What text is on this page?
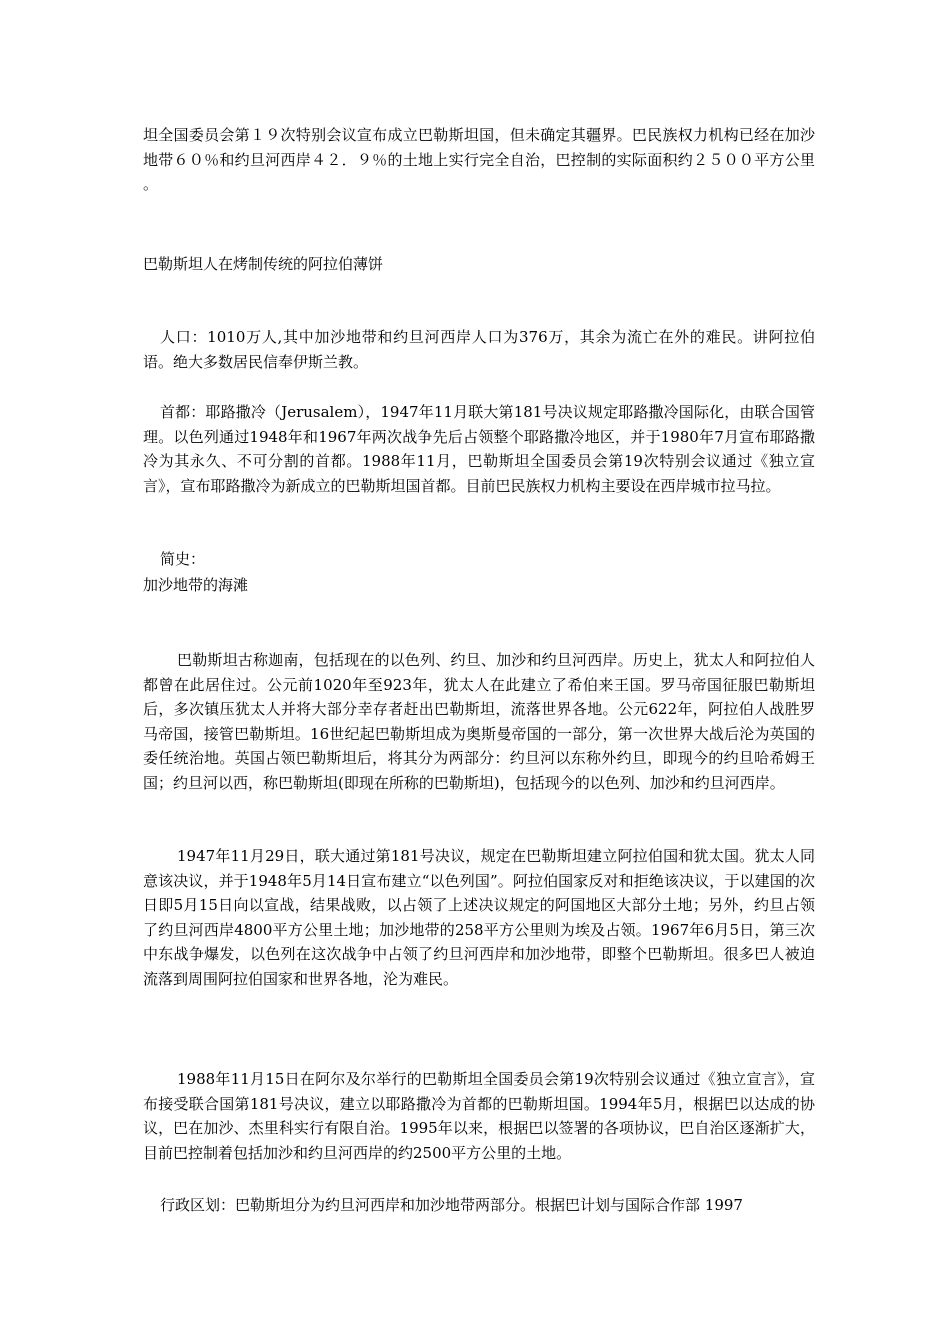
坦全国委员会第１９次特别会议宣布成立巴勒斯坦国，但未确定其疆界。巴民族权力机构已经在加沙地带６０％和约旦河西岸４２．９％的土地上实行完全自治，巴控制的实际面积约２５００平方公里 。

巴勒斯坦人在烤制传统的阿拉伯薄饼

人口：1010万人,其中加沙地带和约旦河西岸人口为376万，其余为流亡在外的难民。讲阿拉伯语。绝大多数居民信奉伊斯兰教。

首都：耶路撒冷（Jerusalem），1947年11月联大第181号决议规定耶路撒冷国际化，由联合国管理。以色列通过1948年和1967年两次战争先后占领整个耶路撒冷地区，并于1980年7月宣布耶路撒冷为其永久、不可分割的首都。1988年11月，巴勒斯坦全国委员会第19次特别会议通过《独立宣言》，宣布耶路撒冷为新成立的巴勒斯坦国首都。目前巴民族权力机构主要设在西岸城市拉马拉。

简史：

加沙地带的海滩

巴勒斯坦古称迦南，包括现在的以色列、约旦、加沙和约旦河西岸。历史上，犹太人和阿拉伯人都曾在此居住过。公元前1020年至923年，犹太人在此建立了希伯来王国。罗马帝国征服巴勒斯坦后，多次镇压犹太人并将大部分幸存者赶出巴勒斯坦，流落世界各地。公元622年，阿拉伯人战胜罗马帝国，接管巴勒斯坦。16世纪起巴勒斯坦成为奥斯曼帝国的一部分，第一次世界大战后沦为英国的委任统治地。英国占领巴勒斯坦后，将其分为两部分：约旦河以东称外约旦，即现今的约旦哈希姆王国；约旦河以西，称巴勒斯坦(即现在所称的巴勒斯坦)，包括现今的以色列、加沙和约旦河西岸。

1947年11月29日，联大通过第181号决议，规定在巴勒斯坦建立阿拉伯国和犹太国。犹太人同意该决议，并于1948年5月14日宣布建立“以色列国”。阿拉伯国家反对和拒绝该决议，于以建国的次日即5月15日向以宣战，结果战败，以占领了上述决议规定的阿国地区大部分土地；另外，约旦占领了约旦河西岸4800平方公里土地；加沙地带的258平方公里则为埃及占领。1967年6月5日，第三次中东战争爆发，以色列在这次战争中占领了约旦河西岸和加沙地带，即整个巴勒斯坦。很多巴人被迫流落到周围阿拉伯国家和世界各地，沦为难民。

1988年11月15日在阿尔及尔举行的巴勒斯坦全国委员会第19次特别会议通过《独立宣言》，宣布接受联合国第181号决议，建立以耶路撒冷为首都的巴勒斯坦国。1994年5月，根据巴以达成的协议，巴在加沙、杰里科实行有限自治。1995年以来，根据巴以签署的各项协议，巴自治区逐渐扩大，目前巴控制着包括加沙和约旦河西岸的约2500平方公里的土地。

行政区划：巴勒斯坦分为约旦河西岸和加沙地带两部分。根据巴计划与国际合作部 1997
